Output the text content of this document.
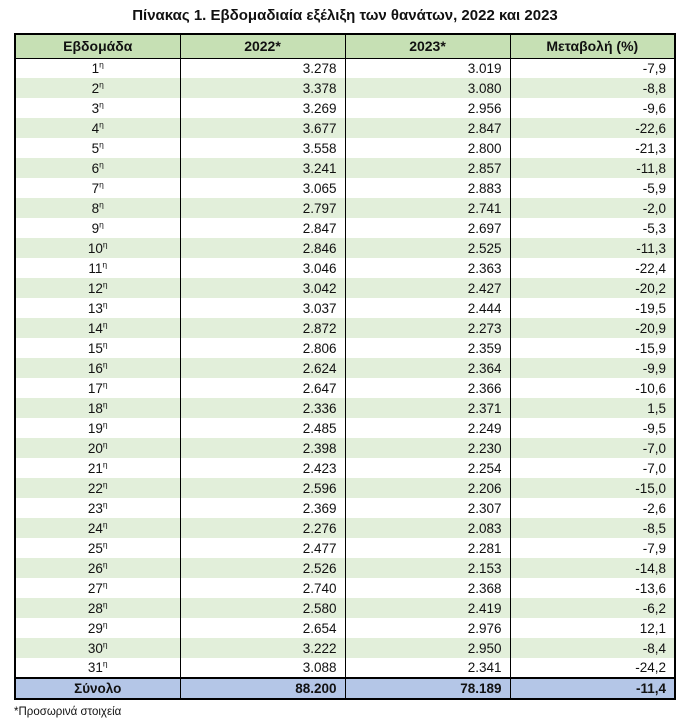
Πίνακας 1. Εβδομαδιαία εξέλιξη των θανάτων, 2022 και 2023
Εβδομάδα	2022*	2023*	Μεταβολή (%)
$1^\eta$	3.278	3.019	-7,9
$2^\eta$	3.378	3.080	-8,8
$3^\eta$	3.269	2.956	-9,6
$4^\eta$	3.677	2.847	-22,6
$5^\eta$	3.558	2.800	-21,3
$6^\eta$	3.241	2.857	-11,8
$7^\eta$	3.065	2.883	-5,9
$8^\eta$	2.797	2.741	-2,0
$9^\eta$	2.847	2.697	-5,3
$10^\eta$	2.846	2.525	-11,3
$11^\eta$	3.046	2.363	-22,4
$12^\eta$	3.042	2.427	-20,2
$13^\eta$	3.037	2.444	-19,5
$14^\eta$	2.872	2.273	-20,9
$15^\eta$	2.806	2.359	-15,9
$16^\eta$	2.624	2.364	-9,9
$17^\eta$	2.647	2.366	-10,6
$18^\eta$	2.336	2.371	1,5
$19^\eta$	2.485	2.249	-9,5
$20^\eta$	2.398	2.230	-7,0
$21^\eta$	2.423	2.254	-7,0
$22^\eta$	2.596	2.206	-15,0
$23^\eta$	2.369	2.307	-2,6
$24^\eta$	2.276	2.083	-8,5
$25^\eta$	2.477	2.281	-7,9
$26^\eta$	2.526	2.153	-14,8
$27^\eta$	2.740	2.368	-13,6
$28^\eta$	2.580	2.419	-6,2
$29^\eta$	2.654	2.976	12,1
$30^\eta$	3.222	2.950	-8,4
$31^\eta$	3.088	2.341	-24,2
Σύνολο	88.200	78.189	-11,4
*Προσωρινά στοιχεία
